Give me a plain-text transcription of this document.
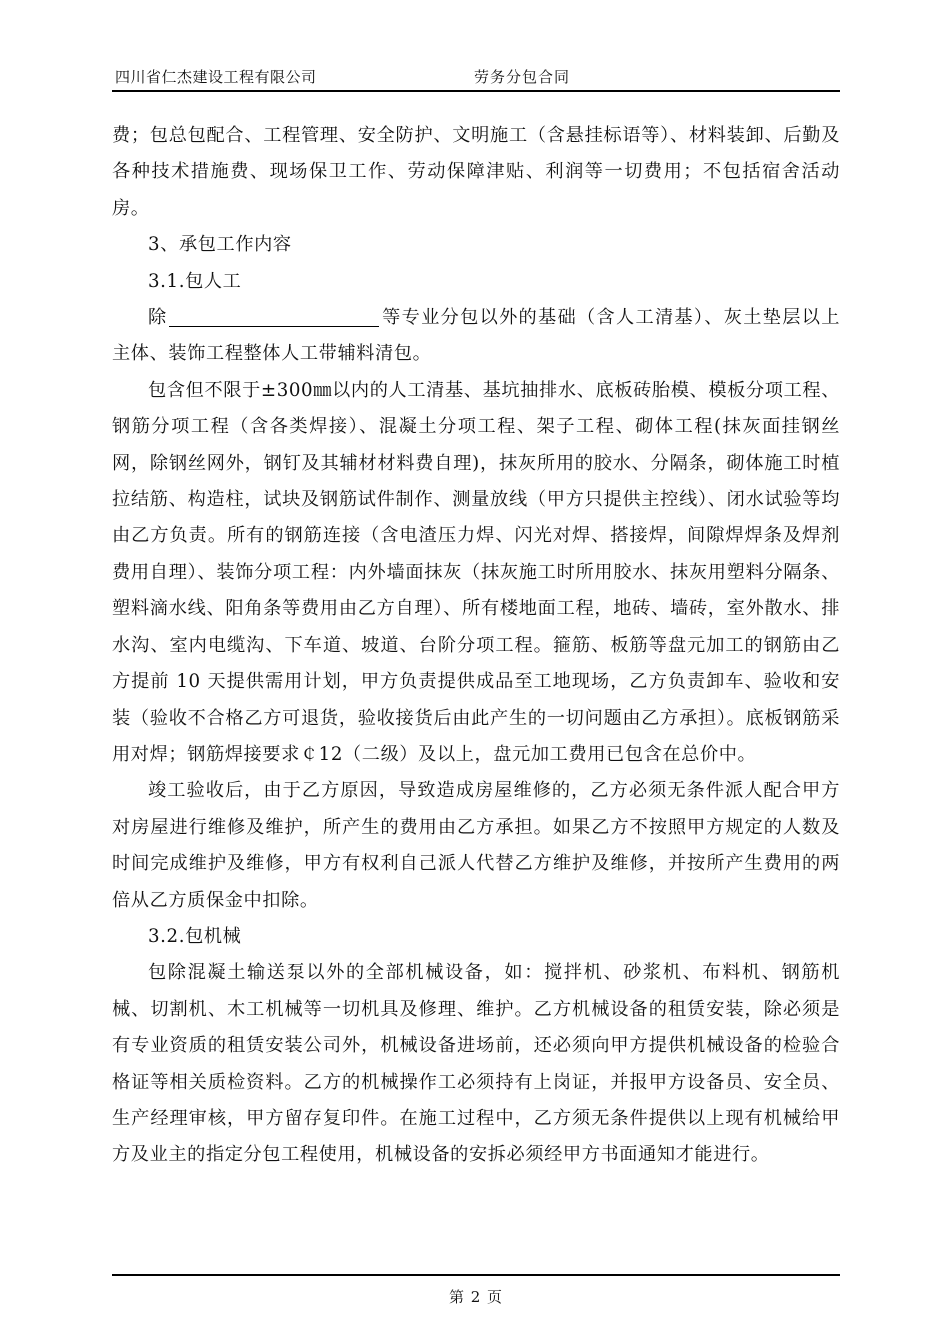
四川省仁杰建设工程有限公司	劳务分包合同

费；包总包配合、工程管理、安全防护、文明施工（含悬挂标语等）、材料装卸、后勤及各种技术措施费、现场保卫工作、劳动保障津贴、利润等一切费用；不包括宿舍活动房。

3、承包工作内容

3.1.包人工

除	等专业分包以外的基础（含人工清基）、灰土垫层以上主体、装饰工程整体人工带辅料清包。

包含但不限于±300㎜以内的人工清基、基坑抽排水、底板砖胎模、模板分项工程、钢筋分项工程（含各类焊接）、混凝土分项工程、架子工程、砌体工程(抹灰面挂钢丝网，除钢丝网外，钢钉及其辅材材料费自理)，抹灰所用的胶水、分隔条，砌体施工时植拉结筋、构造柱，试块及钢筋试件制作、测量放线（甲方只提供主控线）、闭水试验等均由乙方负责。所有的钢筋连接（含电渣压力焊、闪光对焊、搭接焊，间隙焊焊条及焊剂费用自理）、装饰分项工程：内外墙面抹灰（抹灰施工时所用胶水、抹灰用塑料分隔条、塑料滴水线、阳角条等费用由乙方自理）、所有楼地面工程，地砖、墙砖，室外散水、排水沟、室内电缆沟、下车道、坡道、台阶分项工程。箍筋、板筋等盘元加工的钢筋由乙方提前 10 天提供需用计划，甲方负责提供成品至工地现场，乙方负责卸车、验收和安装（验收不合格乙方可退货，验收接货后由此产生的一切问题由乙方承担）。底板钢筋采用对焊；钢筋焊接要求￠12（二级）及以上，盘元加工费用已包含在总价中。

竣工验收后，由于乙方原因，导致造成房屋维修的，乙方必须无条件派人配合甲方对房屋进行维修及维护，所产生的费用由乙方承担。如果乙方不按照甲方规定的人数及时间完成维护及维修，甲方有权利自己派人代替乙方维护及维修，并按所产生费用的两倍从乙方质保金中扣除。

3.2.包机械

包除混凝土输送泵以外的全部机械设备，如：搅拌机、砂浆机、布料机、钢筋机械、切割机、木工机械等一切机具及修理、维护。乙方机械设备的租赁安装，除必须是有专业资质的租赁安装公司外，机械设备进场前，还必须向甲方提供机械设备的检验合格证等相关质检资料。乙方的机械操作工必须持有上岗证，并报甲方设备员、安全员、生产经理审核，甲方留存复印件。在施工过程中，乙方须无条件提供以上现有机械给甲方及业主的指定分包工程使用，机械设备的安拆必须经甲方书面通知才能进行。

第 2 页
